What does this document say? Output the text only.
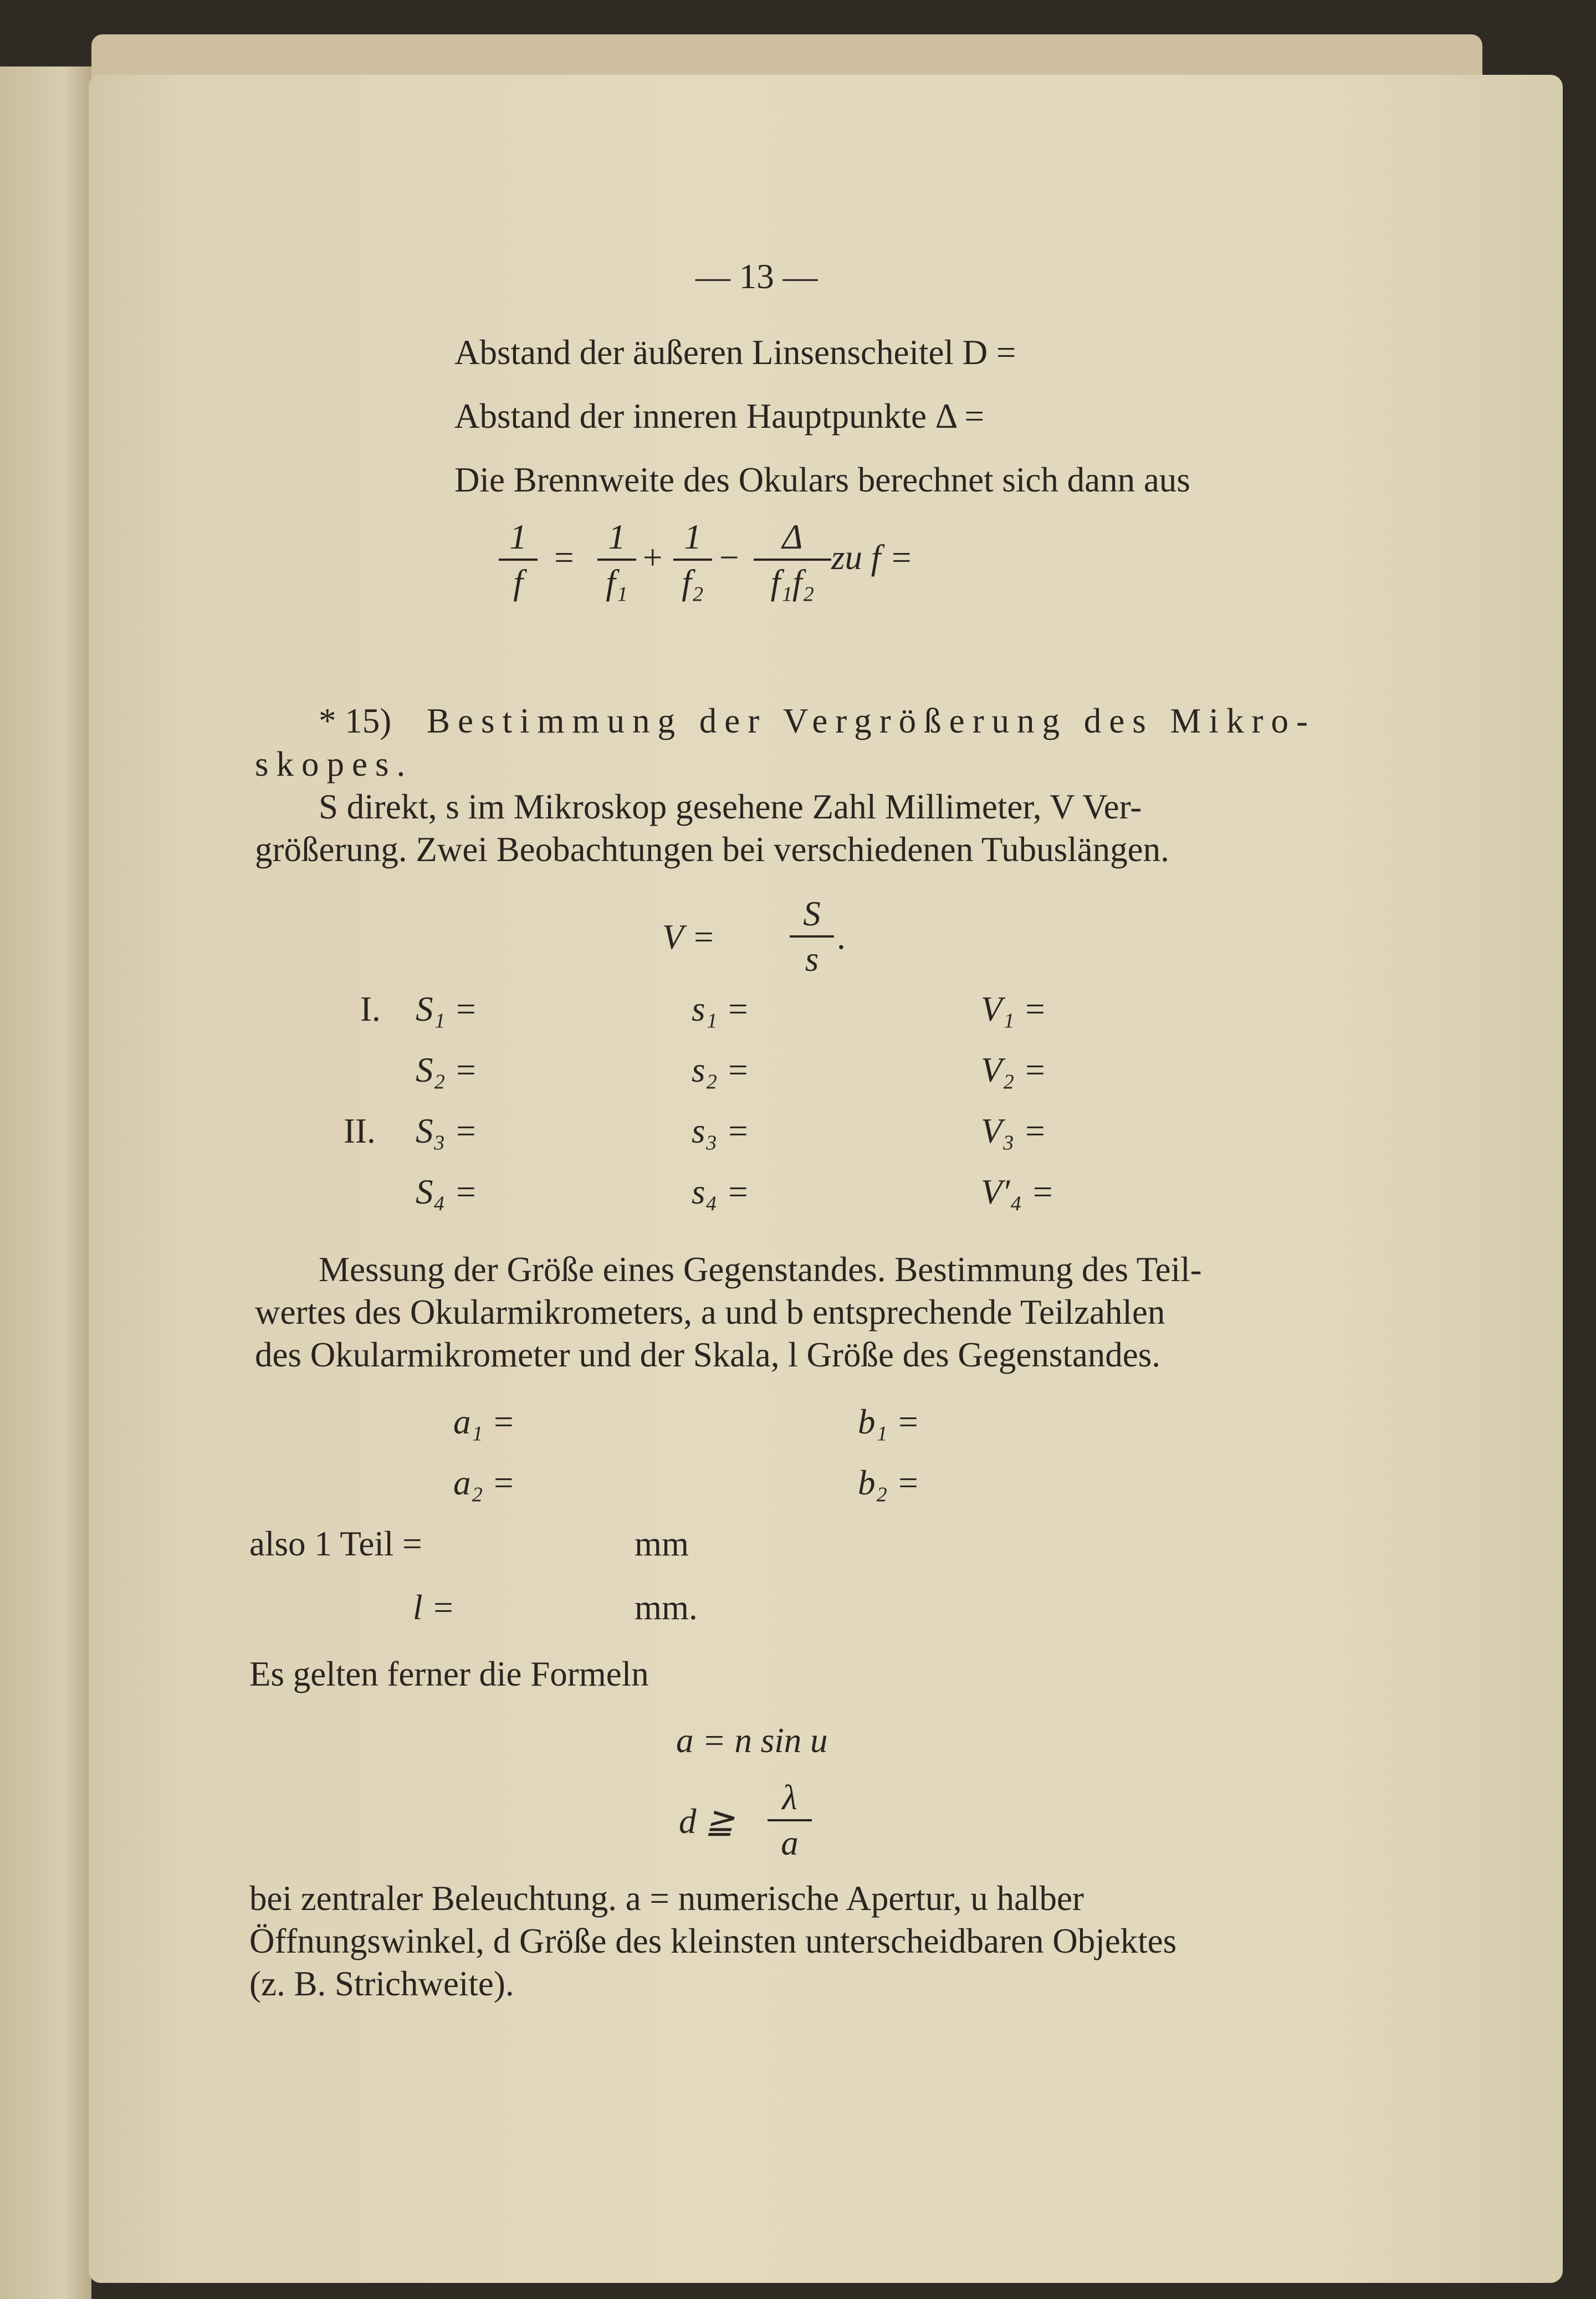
— 13 —
Abstand der äußeren Linsenscheitel D =
Abstand der inneren Hauptpunkte Δ =
Die Brennweite des Okulars berechnet sich dann aus
$\frac{1}{f} = \frac{1}{\text{f₁}} + \frac{1}{\text{f₂}} - \frac{\Delta}{\text{f₁f₂}}$ zu f =
* 15) Bestimmung der Vergrößerung des Mikro-
skopes.
S direkt, s im Mikroskop gesehene Zahl Millimeter, V Ver-
größerung. Zwei Beobachtungen bei verschiedenen Tubuslängen.
$V = \frac{S}{s}$ .
I. S₁ =	s₁ =	V₁ =
S₂ =	s₂ =	V₂ =
II. S₃ =	s₃ =	V₃ =
S₄ =	s₄ =	V′₄ =
Messung der Größe eines Gegenstandes. Bestimmung des Teil-
wertes des Okularmikrometers, a und b entsprechende Teilzahlen
des Okularmikrometer und der Skala, l Größe des Gegenstandes.
a₁ =	b₁ =
a₂ =	b₂ =
also 1 Teil =	mm
l =	mm.
Es gelten ferner die Formeln
a = n sin u
d ≧
λ
a
bei zentraler Beleuchtung. a = numerische Apertur, u halber
Öffnungswinkel, d Größe des kleinsten unterscheidbaren Objektes
(z. B. Strichweite).
